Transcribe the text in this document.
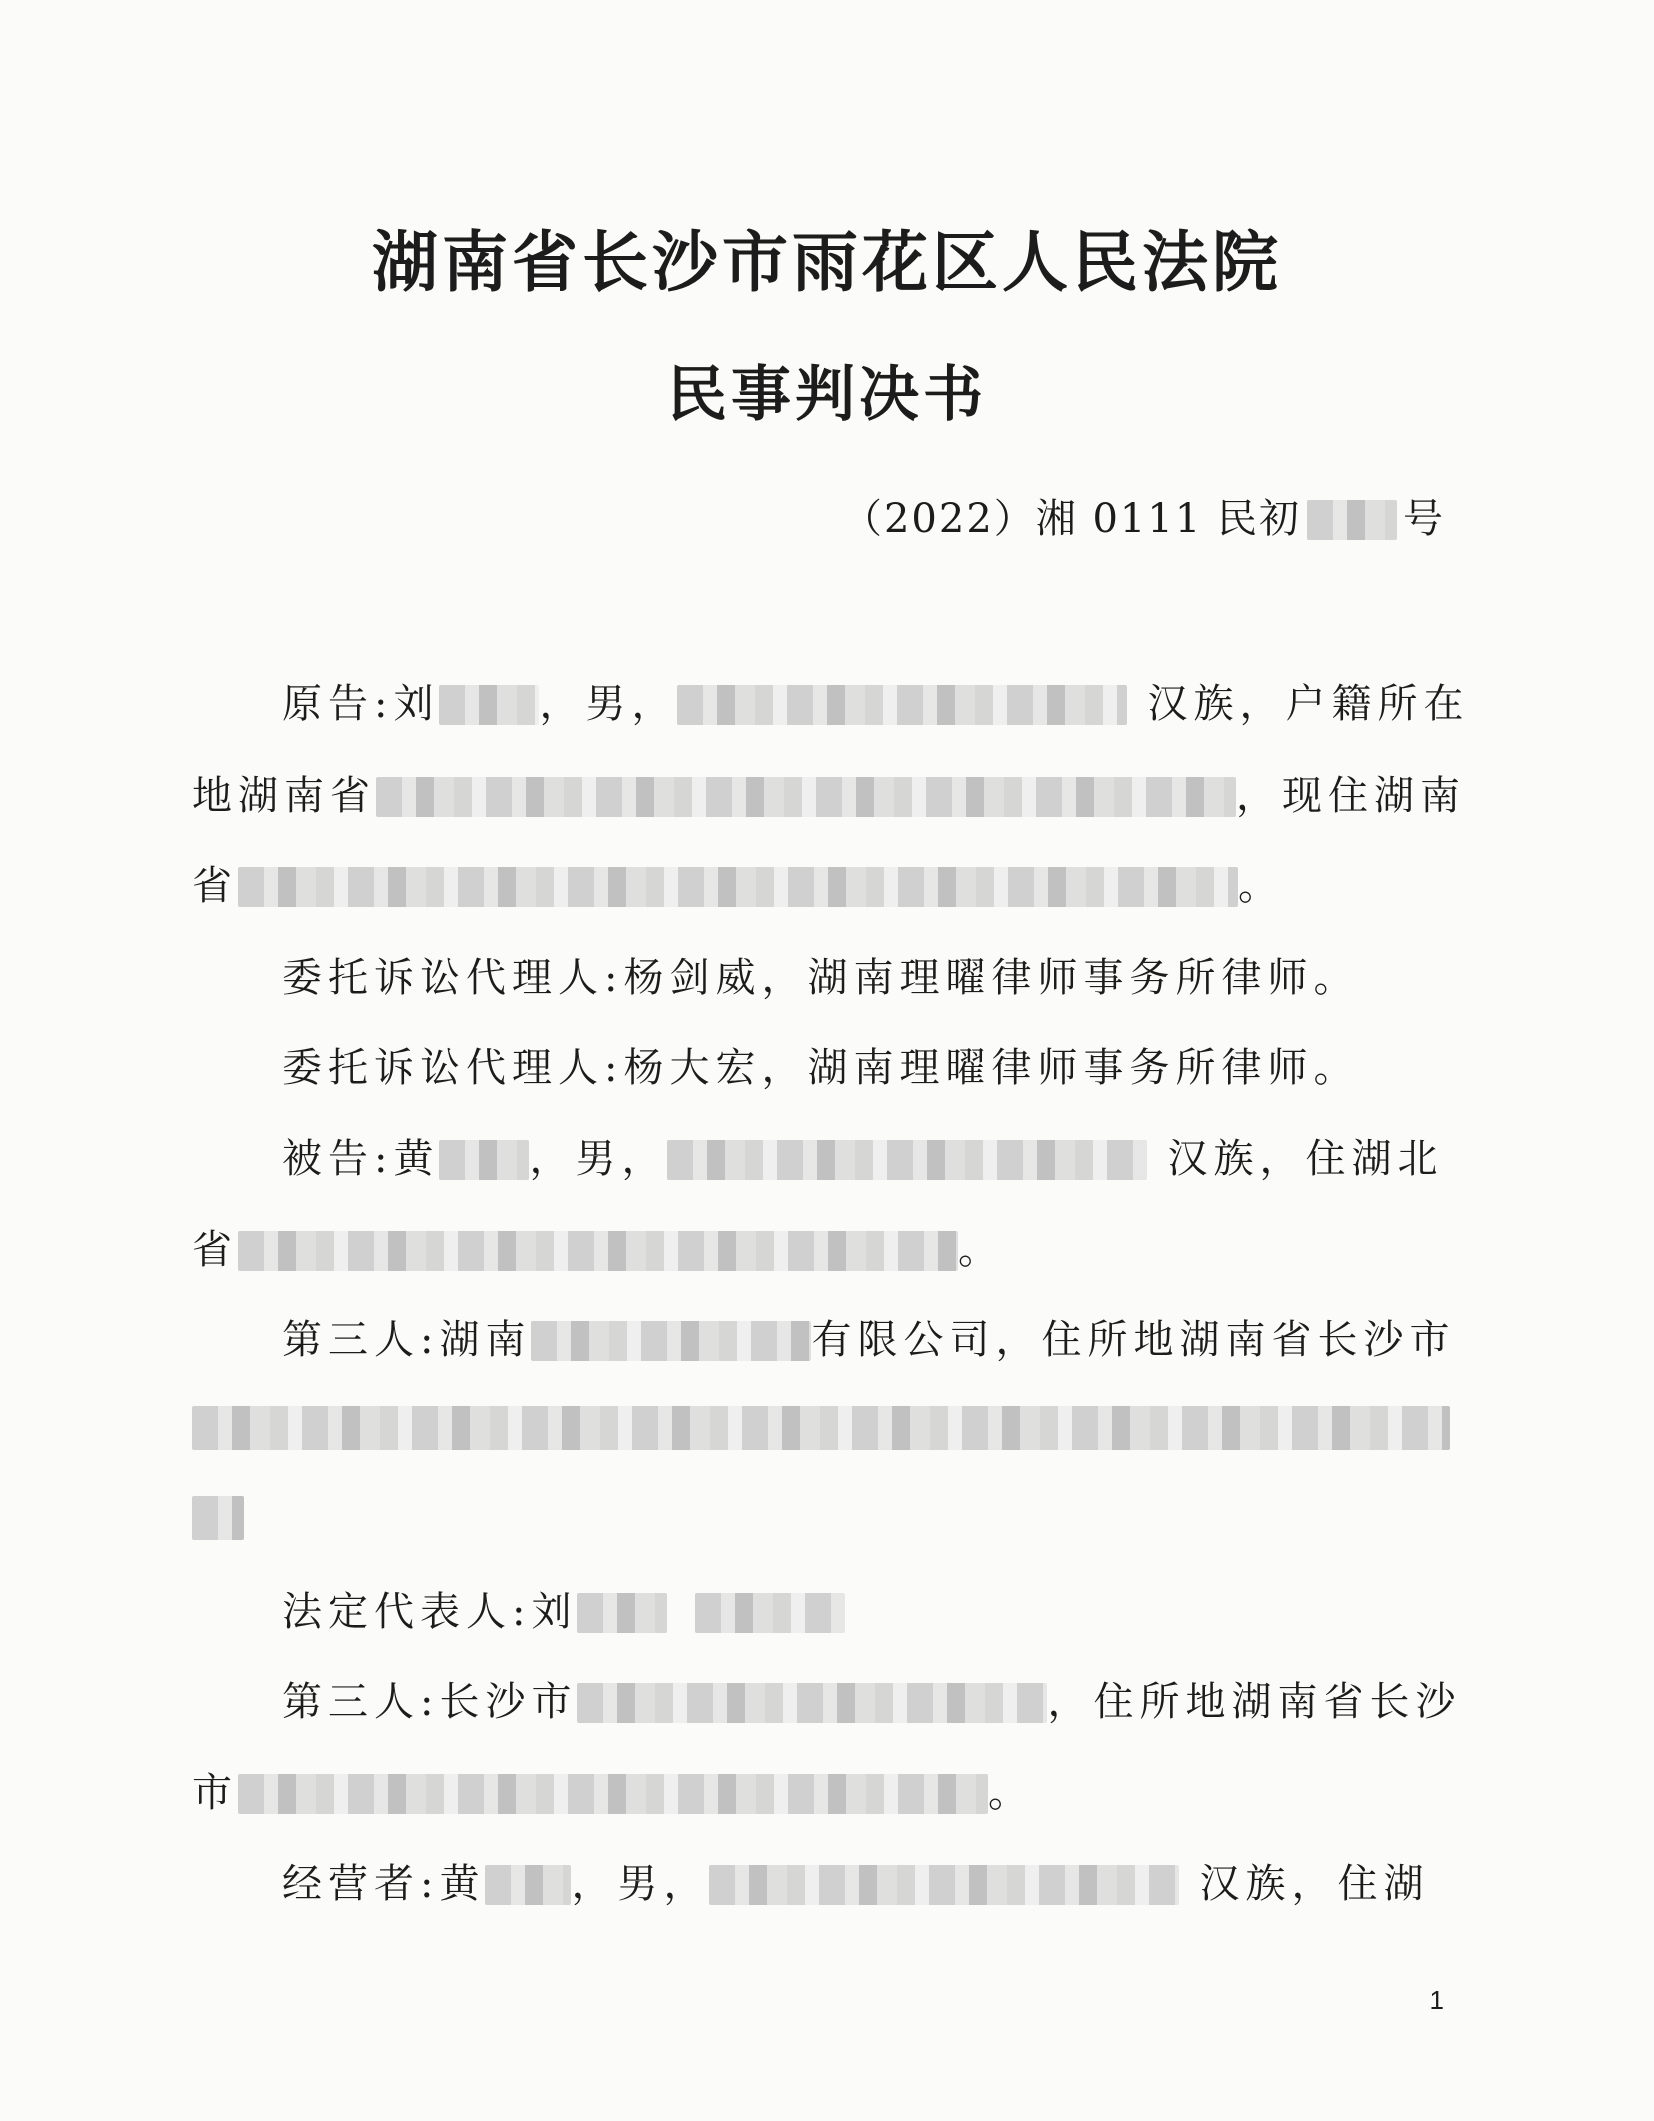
湖南省长沙市雨花区人民法院
民事判决书
（2022）湘 0111 民初	号
原告:刘	，男，	汉族，户籍所在
地湖南省	，现住湖南
省	。
委托诉讼代理人:杨剑威，湖南理曜律师事务所律师。
委托诉讼代理人:杨大宏，湖南理曜律师事务所律师。
被告:黄 ，男，	汉族，住湖北
省	。
第三人:湖南	有限公司，住所地湖南省长沙市
法定代表人:刘
第三人:长沙市	，住所地湖南省长沙
市	。
经营者:黄 ，男，	汉族，住湖
1
